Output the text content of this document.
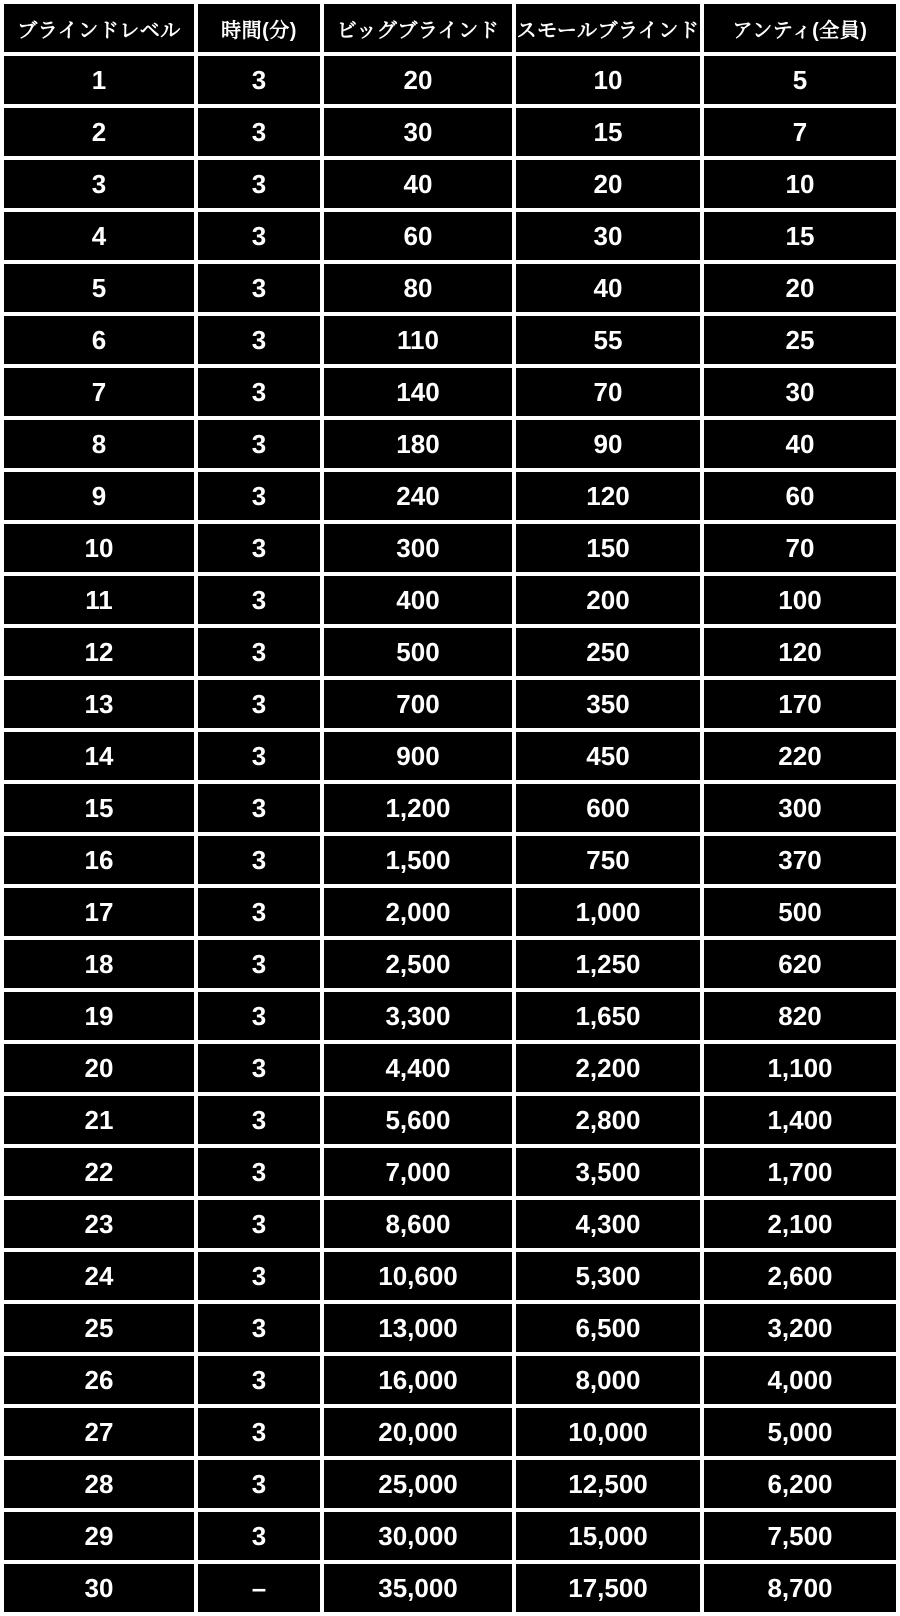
ブラインドレベル	時間(分)	ビッグブラインド	スモールブラインド	アンティ(全員)
1	3	20	10	5
2	3	30	15	7
3	3	40	20	10
4	3	60	30	15
5	3	80	40	20
6	3	110	55	25
7	3	140	70	30
8	3	180	90	40
9	3	240	120	60
10	3	300	150	70
11	3	400	200	100
12	3	500	250	120
13	3	700	350	170
14	3	900	450	220
15	3	1,200	600	300
16	3	1,500	750	370
17	3	2,000	1,000	500
18	3	2,500	1,250	620
19	3	3,300	1,650	820
20	3	4,400	2,200	1,100
21	3	5,600	2,800	1,400
22	3	7,000	3,500	1,700
23	3	8,600	4,300	2,100
24	3	10,600	5,300	2,600
25	3	13,000	6,500	3,200
26	3	16,000	8,000	4,000
27	3	20,000	10,000	5,000
28	3	25,000	12,500	6,200
29	3	30,000	15,000	7,500
30	–	35,000	17,500	8,700
